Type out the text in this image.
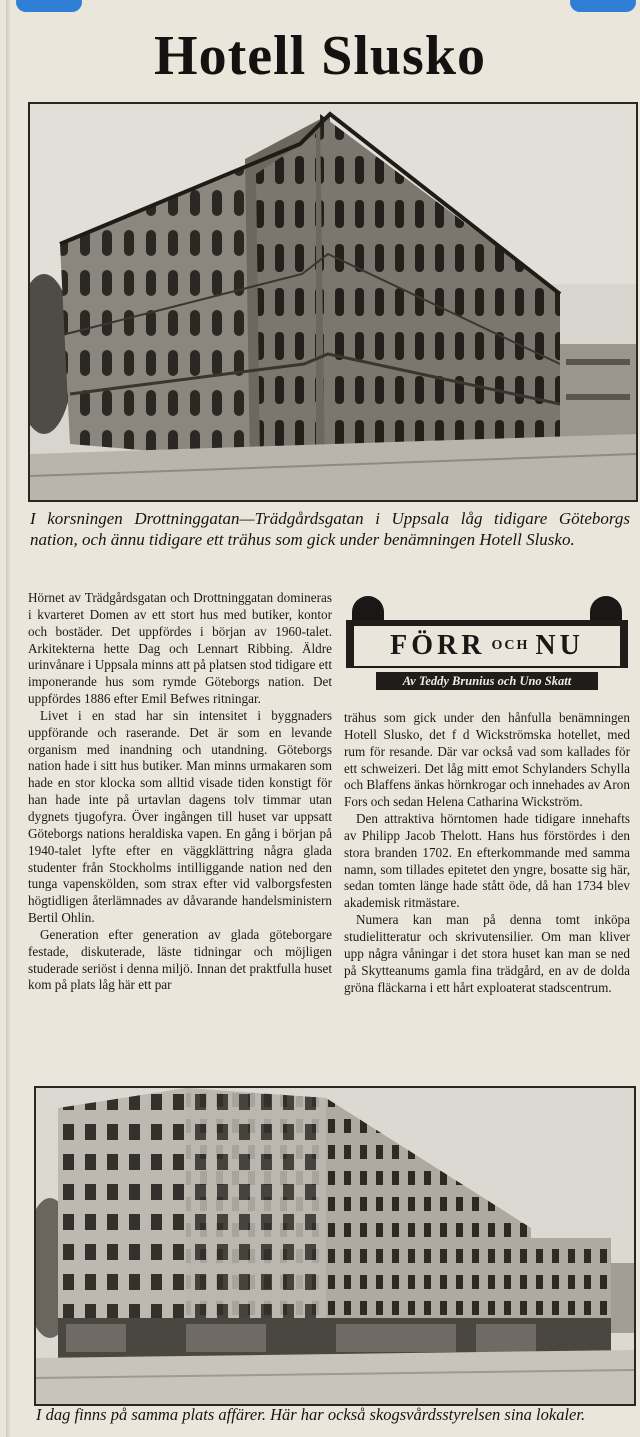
Hotell Slusko
I korsningen Drottninggatan—Trädgårdsgatan i Uppsala låg tidigare Göteborgs nation, och ännu tidigare ett trähus som gick under benämningen Hotell Slusko.

Hörnet av Trädgårdsgatan och Drottninggatan domineras i kvarteret Domen av ett stort hus med butiker, kontor och bostäder. Det uppfördes i början av 1960-talet. Arkitekterna hette Dag och Lennart Ribbing. Äldre urinvånare i Uppsala minns att på platsen stod tidigare ett imponerande hus som rymde Göteborgs nation. Det uppfördes 1886 efter Emil Befwes ritningar.

Livet i en stad har sin intensitet i byggnaders uppförande och raserande. Det är som en levande organism med inandning och utandning. Göteborgs nation hade i sitt hus butiker. Man minns urmakaren som hade en stor klocka som alltid visade tiden konstigt för han hade inte på urtavlan dagens tolv timmar utan dygnets tjugofyra. Över ingången till huset var uppsatt Göteborgs nations heraldiska vapen. En gång i början på 1940-talet lyfte efter en väggklättring några glada studenter från Stockholms intilliggande nation ned den tunga vapenskölden, som strax efter vid valborgsfesten högtidligen återlämnades av dåvarande handelsministern Bertil Ohlin.

Generation efter generation av glada göteborgare festade, diskuterade, läste tidningar och möjligen studerade seriöst i denna miljö. Innan det praktfulla huset kom på plats låg här ett par

FÖRR OCH NU
Av Teddy Brunius och Uno Skatt

trähus som gick under den hånfulla benämningen Hotell Slusko, det f d Wickströmska hotellet, med rum för resande. Där var också vad som kallades för ett schweizeri. Det låg mitt emot Schylanders Schylla och Blaffens änkas hörnkrogar och innehades av Aron Fors och sedan Helena Catharina Wickström.

Den attraktiva hörntomen hade tidigare innehafts av Philipp Jacob Thelott. Hans hus förstördes i den stora branden 1702. En efterkommande med samma namn, som tillades epitetet den yngre, bosatte sig här, sedan tomten länge hade stått öde, då han 1734 blev akademisk ritmästare.

Numera kan man på denna tomt inköpa studielitteratur och skrivutensilier. Om man kliver upp några våningar i det stora huset kan man se ned på Skytteanums gamla fina trädgård, en av de dolda gröna fläckarna i ett hårt exploaterat stadscentrum.

I dag finns på samma plats affärer. Här har också skogsvårdsstyrelsen sina lokaler.
